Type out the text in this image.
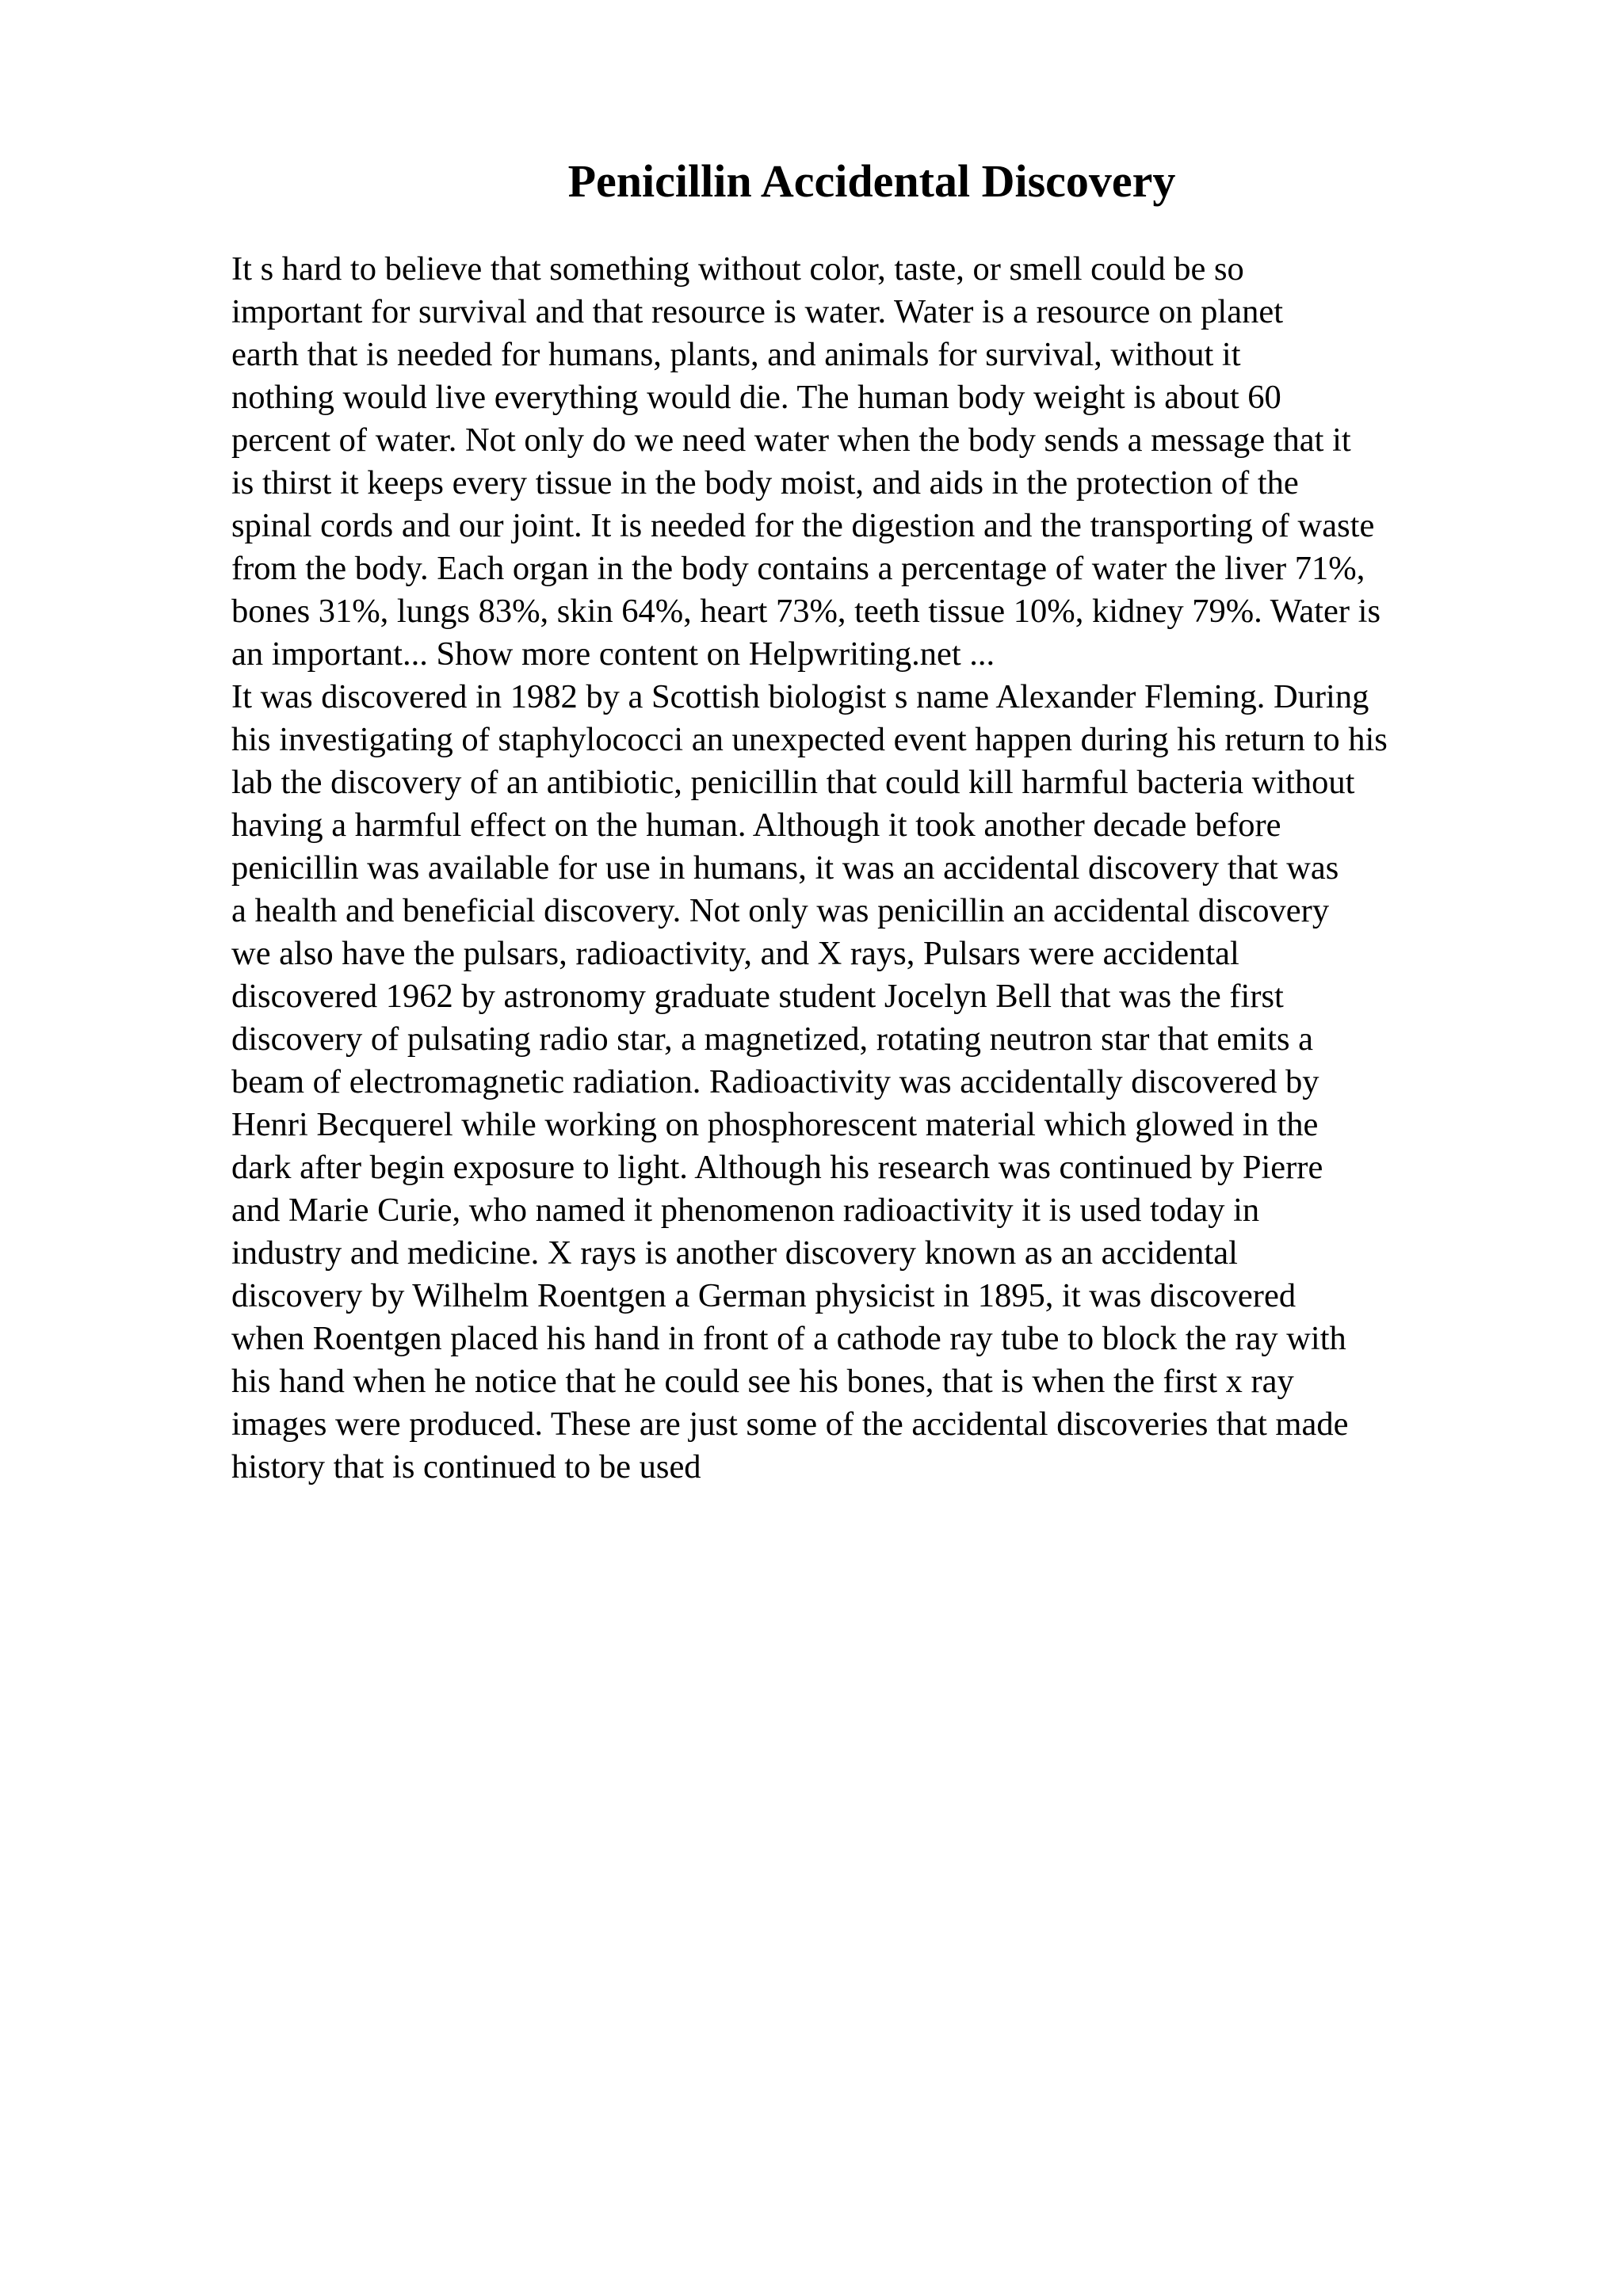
Penicillin Accidental Discovery
It s hard to believe that something without color, taste, or smell could be so
important for survival and that resource is water. Water is a resource on planet
earth that is needed for humans, plants, and animals for survival, without it
nothing would live everything would die. The human body weight is about 60
percent of water. Not only do we need water when the body sends a message that it
is thirst it keeps every tissue in the body moist, and aids in the protection of the
spinal cords and our joint. It is needed for the digestion and the transporting of waste
from the body. Each organ in the body contains a percentage of water the liver 71%,
bones 31%, lungs 83%, skin 64%, heart 73%, teeth tissue 10%, kidney 79%. Water is
an important... Show more content on Helpwriting.net ...
It was discovered in 1982 by a Scottish biologist s name Alexander Fleming. During
his investigating of staphylococci an unexpected event happen during his return to his
lab the discovery of an antibiotic, penicillin that could kill harmful bacteria without
having a harmful effect on the human. Although it took another decade before
penicillin was available for use in humans, it was an accidental discovery that was
a health and beneficial discovery. Not only was penicillin an accidental discovery
we also have the pulsars, radioactivity, and X rays, Pulsars were accidental
discovered 1962 by astronomy graduate student Jocelyn Bell that was the first
discovery of pulsating radio star, a magnetized, rotating neutron star that emits a
beam of electromagnetic radiation. Radioactivity was accidentally discovered by
Henri Becquerel while working on phosphorescent material which glowed in the
dark after begin exposure to light. Although his research was continued by Pierre
and Marie Curie, who named it phenomenon radioactivity it is used today in
industry and medicine. X rays is another discovery known as an accidental
discovery by Wilhelm Roentgen a German physicist in 1895, it was discovered
when Roentgen placed his hand in front of a cathode ray tube to block the ray with
his hand when he notice that he could see his bones, that is when the first x ray
images were produced. These are just some of the accidental discoveries that made
history that is continued to be used
